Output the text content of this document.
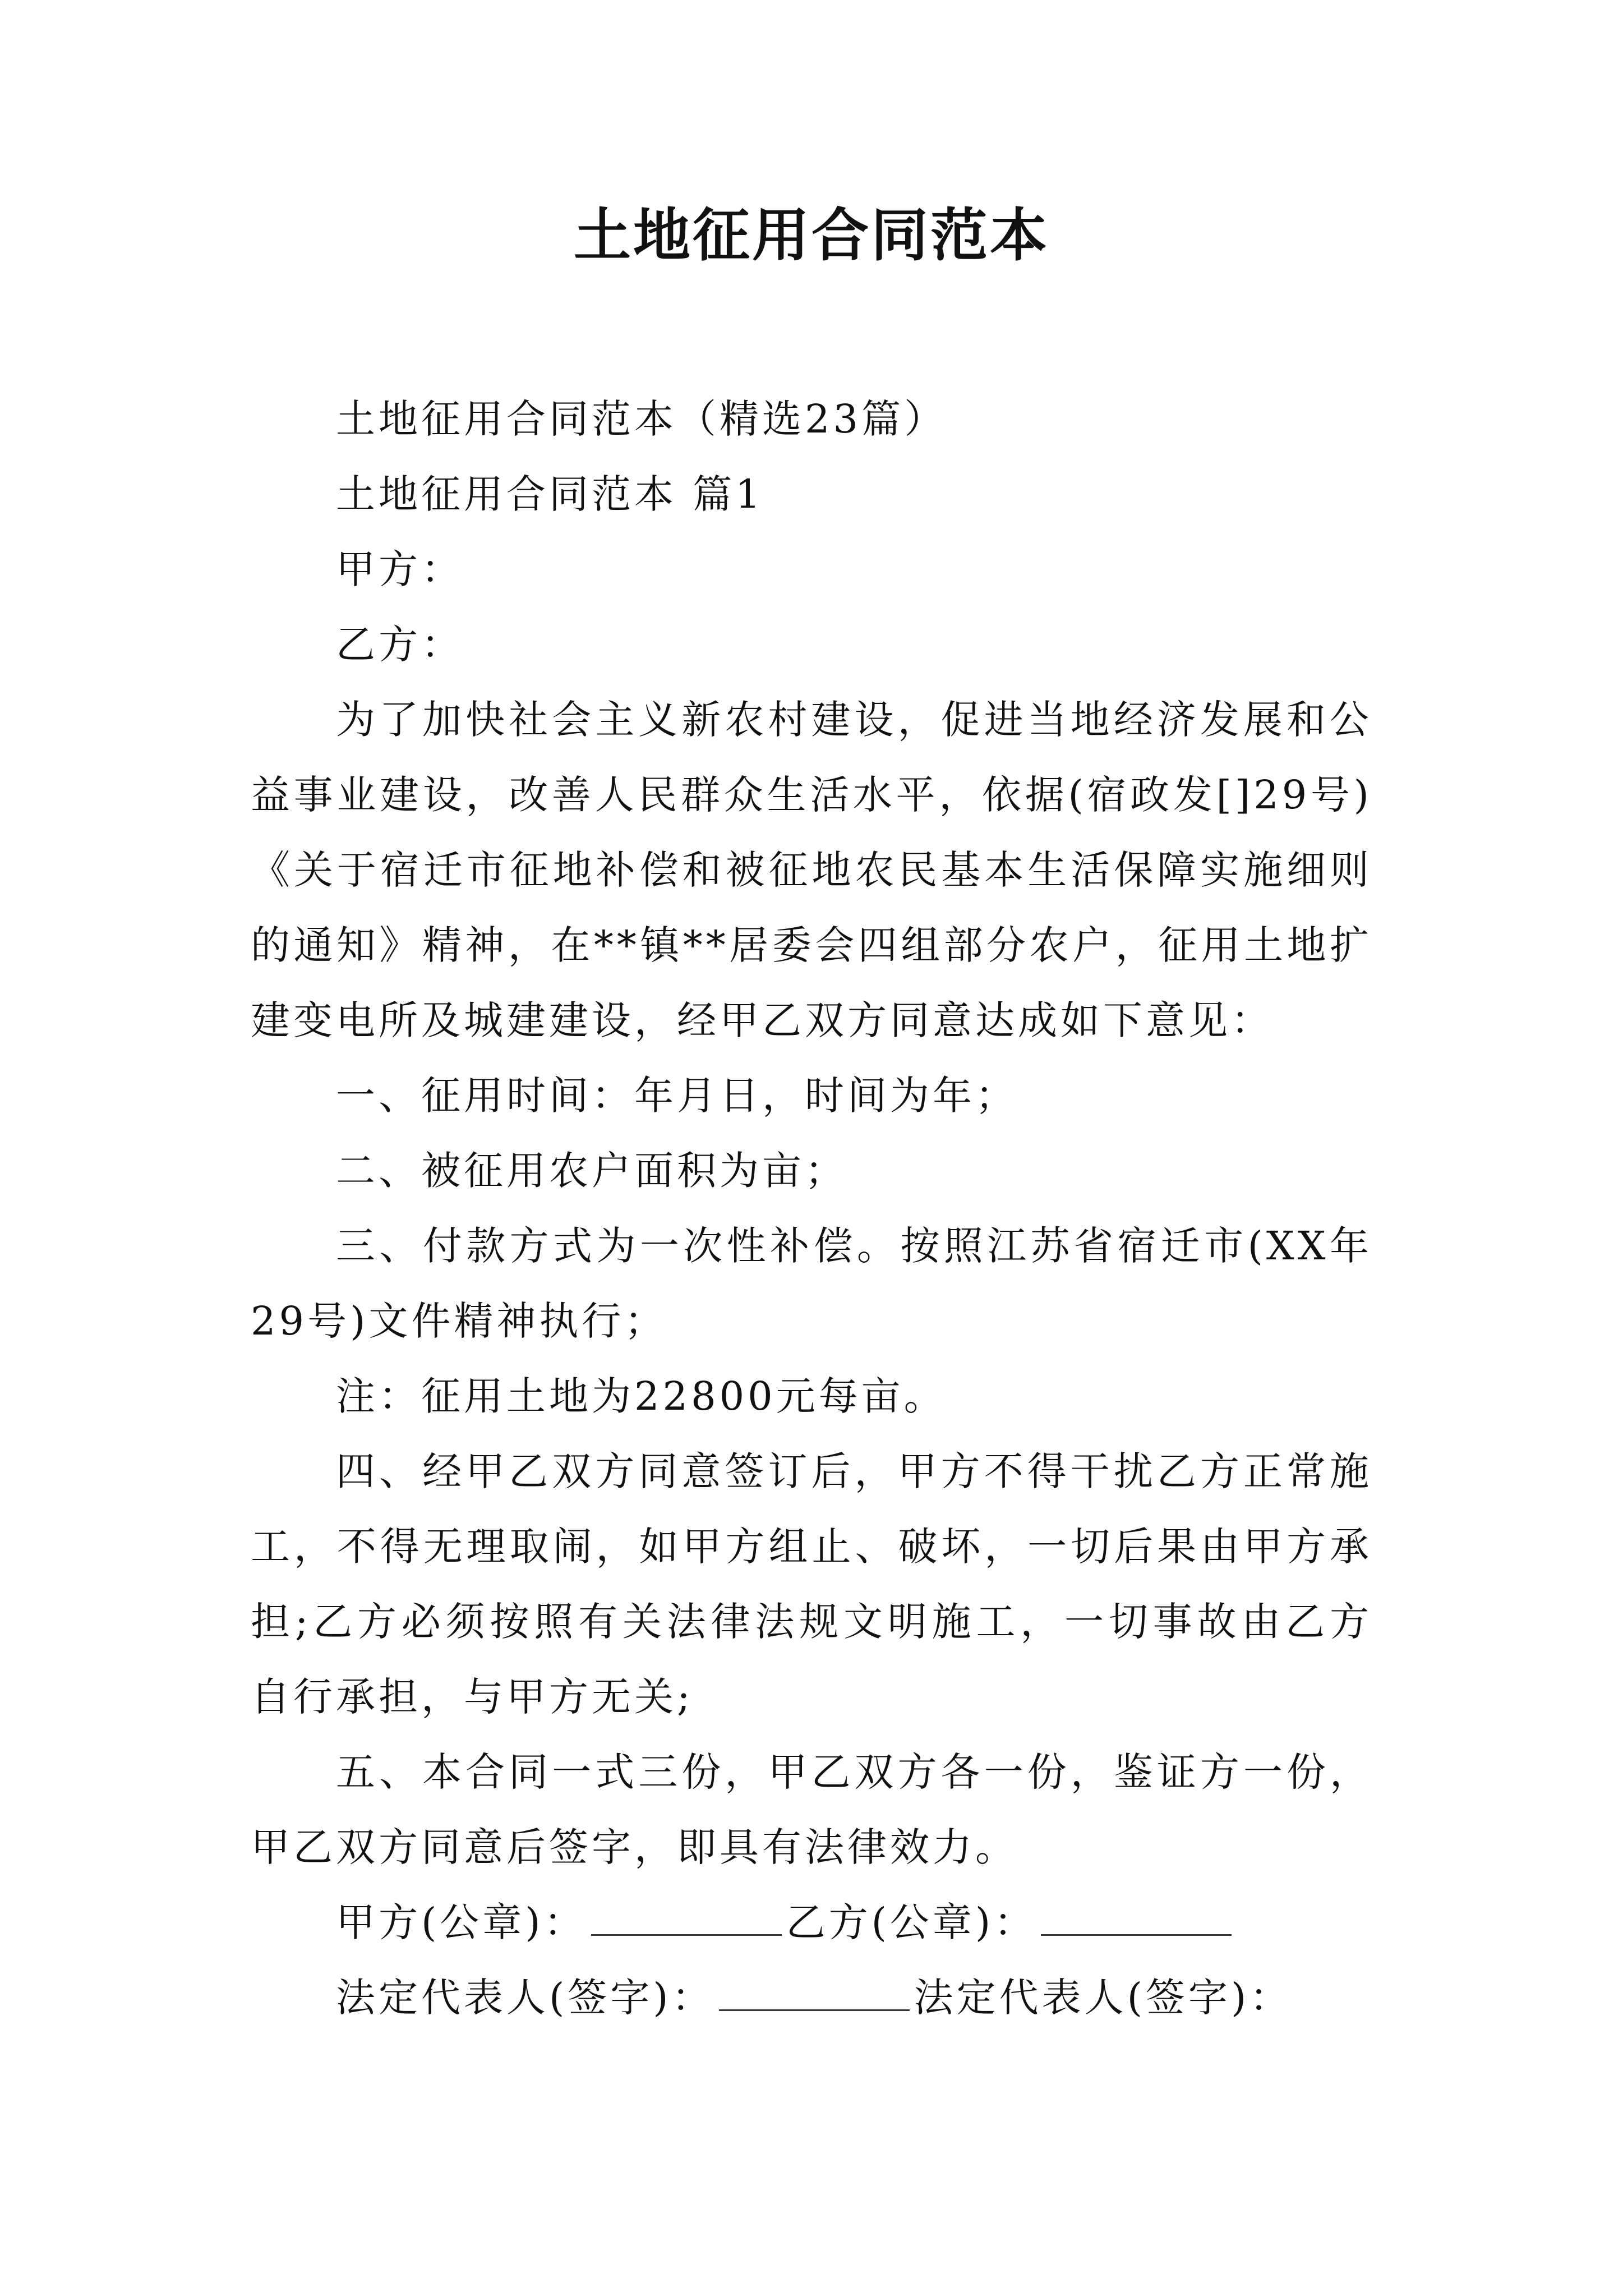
土地征用合同范本

土地征用合同范本（精选23篇）

土地征用合同范本 篇1

甲方：

乙方：

为了加快社会主义新农村建设，促进当地经济发展和公益事业建设，改善人民群众生活水平，依据(宿政发[]29号)《关于宿迁市征地补偿和被征地农民基本生活保障实施细则的通知》精神，在**镇**居委会四组部分农户，征用土地扩建变电所及城建建设，经甲乙双方同意达成如下意见：

一、征用时间：年月日，时间为年；

二、被征用农户面积为亩；

三、付款方式为一次性补偿。按照江苏省宿迁市(XX年29号)文件精神执行；

注：征用土地为22800元每亩。

四、经甲乙双方同意签订后，甲方不得干扰乙方正常施工，不得无理取闹，如甲方组止、破坏，一切后果由甲方承担;乙方必须按照有关法律法规文明施工，一切事故由乙方自行承担，与甲方无关;

五、本合同一式三份，甲乙双方各一份，鉴证方一份，甲乙双方同意后签字，即具有法律效力。

甲方(公章)：	乙方(公章)：

法定代表人(签字)：	法定代表人(签字)：
